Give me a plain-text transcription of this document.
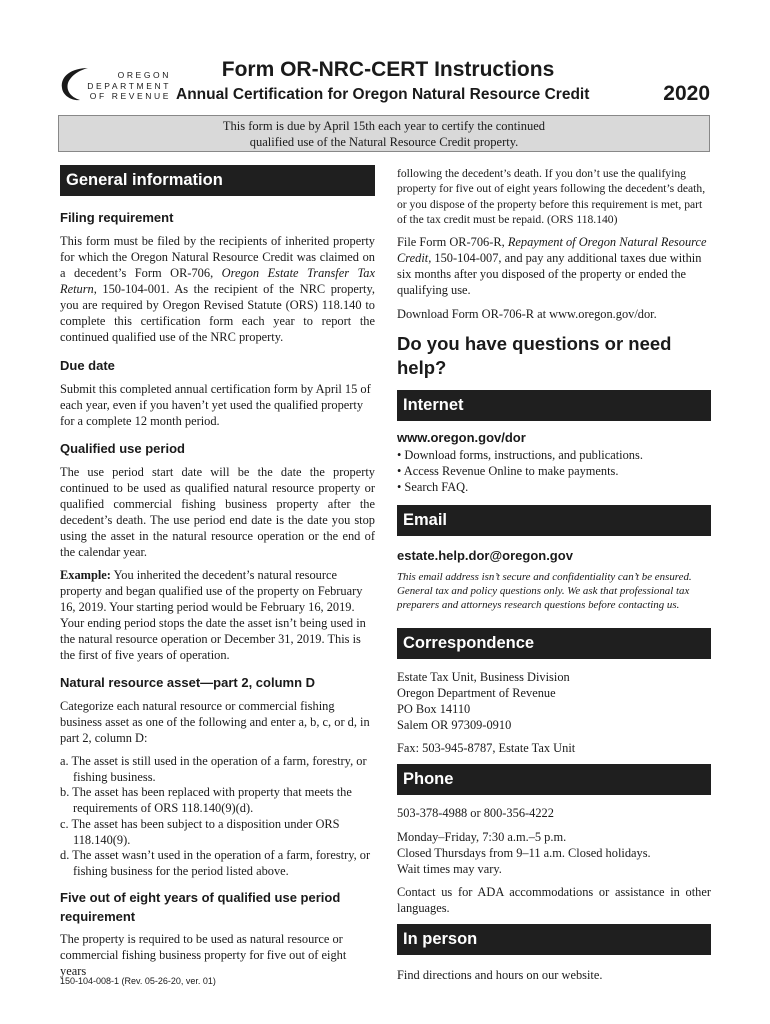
OREGON
DEPARTMENT
OF REVENUE
Form OR-NRC-CERT Instructions
Annual Certification for Oregon Natural Resource Credit	2020
This form is due by April 15th each year to certify the continued
qualified use of the Natural Resource Credit property.
General information
Filing requirement

This form must be filed by the recipients of inherited property for which the Oregon Natural Resource Credit was claimed on a decedent’s Form OR-706, Oregon Estate Transfer Tax Return, 150-104-001. As the recipient of the NRC property, you are required by Oregon Revised Statute (ORS) 118.140 to complete this certification form each year to report the continued qualified use of the NRC property.

Due date

Submit this completed annual certification form by April 15 of each year, even if you haven’t yet used the qualified property for a complete 12 month period.

Qualified use period

The use period start date will be the date the property continued to be used as qualified natural resource property or qualified commercial fishing business property after the decedent’s death. The use period end date is the date you stop using the asset in the natural resource operation or the end of the calendar year.

Example: You inherited the decedent’s natural resource property and began qualified use of the property on February 16, 2019. Your starting period would be February 16, 2019. Your ending period stops the date the asset isn’t being used in the natural resource operation or December 31, 2019. This is the first of five years of operation.

Natural resource asset—part 2, column D

Categorize each natural resource or commercial fishing business asset as one of the following and enter a, b, c, or d, in part 2, column D:

a. The asset is still used in the operation of a farm, forestry, or fishing business.
b. The asset has been replaced with property that meets the requirements of ORS 118.140(9)(d).
c. The asset has been subject to a disposition under ORS 118.140(9).
d. The asset wasn’t used in the operation of a farm, forestry, or fishing business for the period listed above.
Five out of eight years of qualified use period requirement

The property is required to be used as natural resource or commercial fishing business property for five out of eight years

150-104-008-1 (Rev. 05-26-20, ver. 01)

following the decedent’s death. If you don’t use the qualifying property for five out of eight years following the decedent’s death, or you dispose of the property before this requirement is met, part of the tax credit must be repaid. (ORS 118.140)

File Form OR-706-R, Repayment of Oregon Natural Resource Credit, 150-104-007, and pay any additional taxes due within six months after you disposed of the property or ended the qualifying use.

Download Form OR-706-R at www.oregon.gov/dor.

Do you have questions or need help?
Internet
www.oregon.gov/dor
• Download forms, instructions, and publications.
• Access Revenue Online to make payments.
• Search FAQ.
Email
estate.help.dor@oregon.gov

This email address isn’t secure and confidentiality can’t be ensured. General tax and policy questions only. We ask that professional tax preparers and attorneys research questions before contacting us.

Correspondence

Estate Tax Unit, Business Division

Oregon Department of Revenue

PO Box 14110

Salem OR 97309-0910

Fax: 503-945-8787, Estate Tax Unit

Phone

503-378-4988 or 800-356-4222

Monday–Friday, 7:30 a.m.–5 p.m.

Closed Thursdays from 9–11 a.m. Closed holidays.

Wait times may vary.

Contact us for ADA accommodations or assistance in other languages.

In person

Find directions and hours on our website.
